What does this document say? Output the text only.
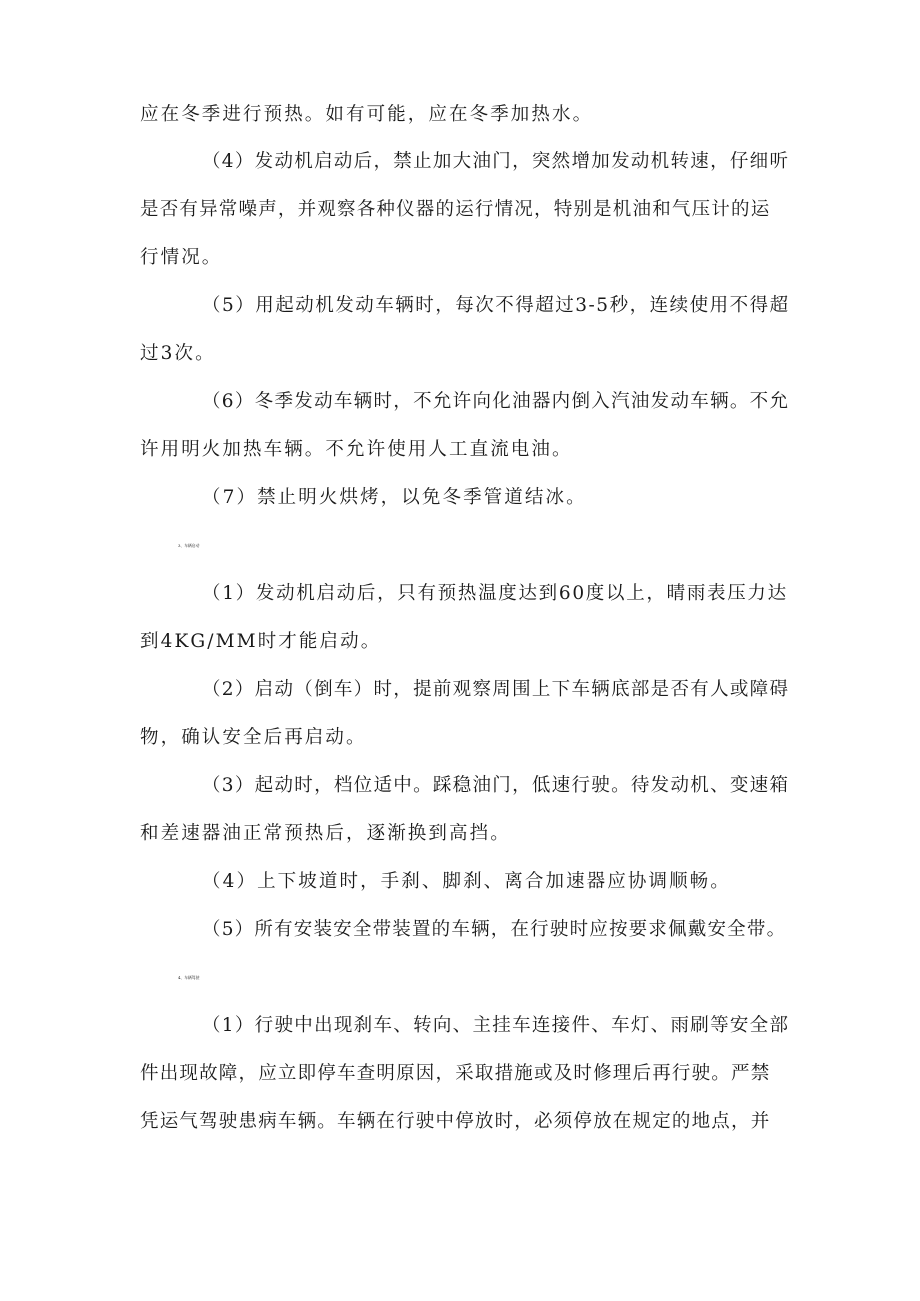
应在冬季进行预热。如有可能，应在冬季加热水。
（4）发动机启动后，禁止加大油门，突然增加发动机转速，仔细听
是否有异常噪声，并观察各种仪器的运行情况，特别是机油和气压计的运
行情况。
（5）用起动机发动车辆时，每次不得超过3-5秒，连续使用不得超
过3次。
（6）冬季发动车辆时，不允许向化油器内倒入汽油发动车辆。不允
许用明火加热车辆。不允许使用人工直流电油。
（7）禁止明火烘烤，以免冬季管道结冰。
3、车辆启动
（1）发动机启动后，只有预热温度达到60度以上，晴雨表压力达
到4KG/MM时才能启动。
（2）启动（倒车）时，提前观察周围上下车辆底部是否有人或障碍
物，确认安全后再启动。
（3）起动时，档位适中。踩稳油门，低速行驶。待发动机、变速箱
和差速器油正常预热后，逐渐换到高挡。
（4）上下坡道时，手刹、脚刹、离合加速器应协调顺畅。
（5）所有安装安全带装置的车辆，在行驶时应按要求佩戴安全带。
4、车辆驾驶
（1）行驶中出现刹车、转向、主挂车连接件、车灯、雨刷等安全部
件出现故障，应立即停车查明原因，采取措施或及时修理后再行驶。严禁
凭运气驾驶患病车辆。车辆在行驶中停放时，必须停放在规定的地点，并
